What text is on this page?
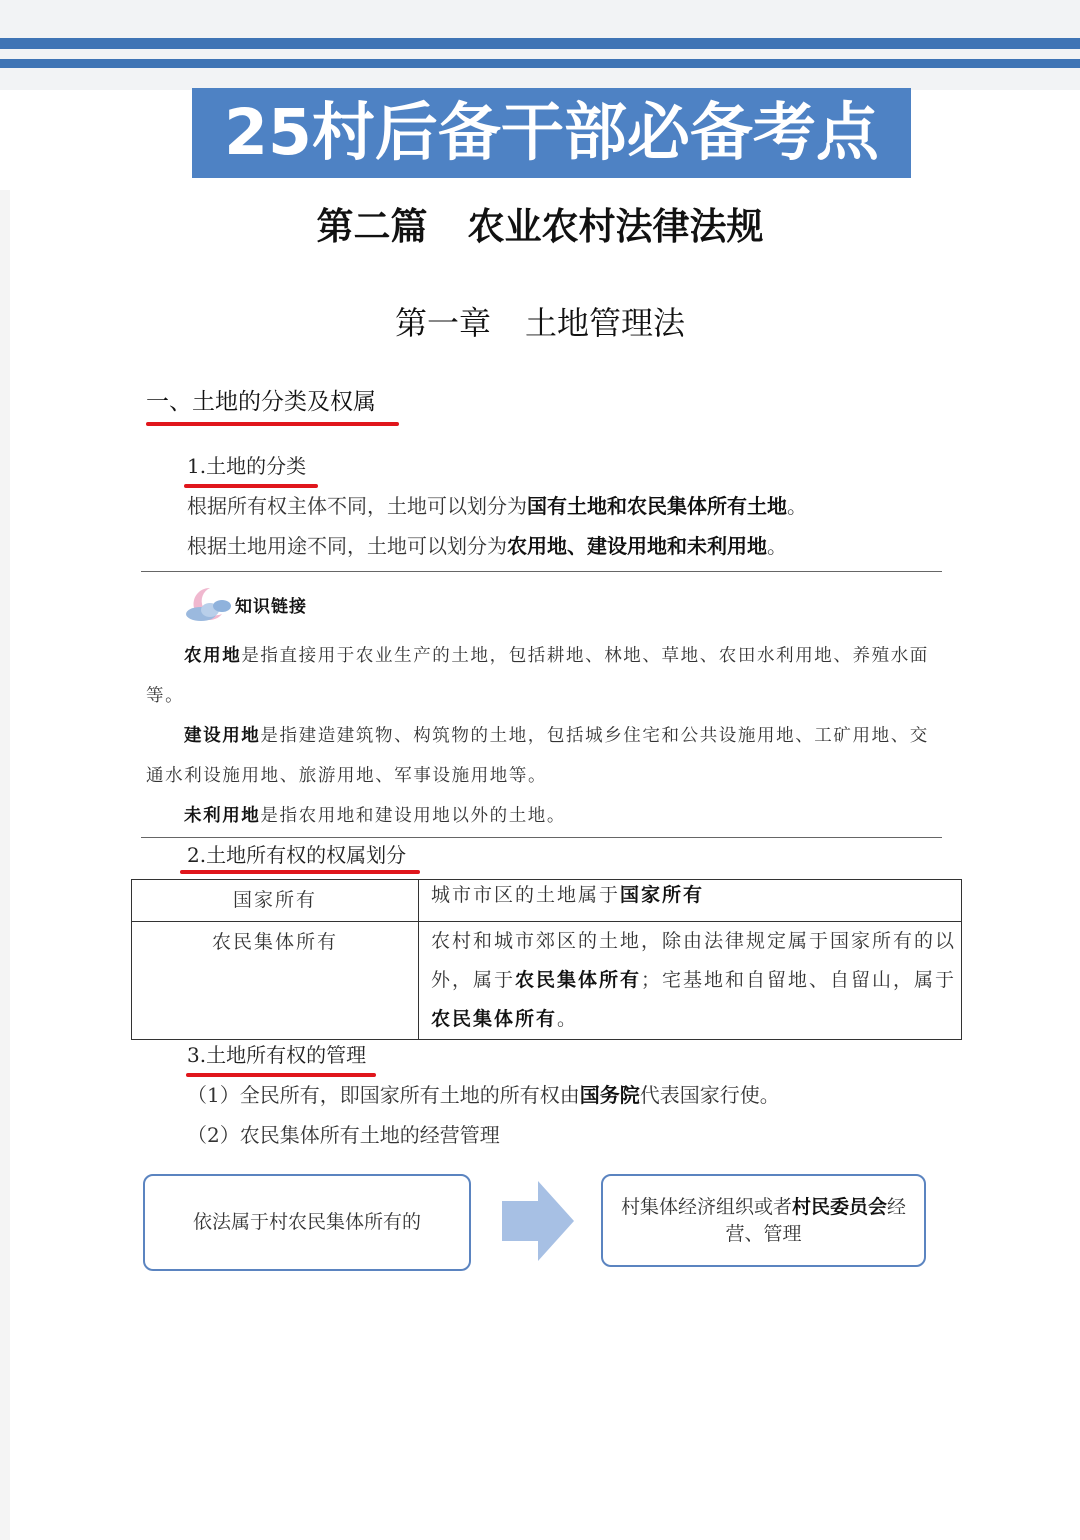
25村后备干部必备考点
第二篇 农业农村法律法规
第一章 土地管理法
一、土地的分类及权属
1.土地的分类
根据所有权主体不同，土地可以划分为国有土地和农民集体所有土地。
根据土地用途不同，土地可以划分为农用地、建设用地和未利用地。
知识链接
农用地是指直接用于农业生产的土地，包括耕地、林地、草地、农田水利用地、养殖水面等。
建设用地是指建造建筑物、构筑物的土地，包括城乡住宅和公共设施用地、工矿用地、交通水利设施用地、旅游用地、军事设施用地等。
未利用地是指农用地和建设用地以外的土地。
2.土地所有权的权属划分
国家所有	城市市区的土地属于国家所有
农民集体所有	农村和城市郊区的土地，除由法律规定属于国家所有的以外，属于农民集体所有；宅基地和自留地、自留山，属于农民集体所有。
3.土地所有权的管理
（1）全民所有，即国家所有土地的所有权由国务院代表国家行使。
（2）农民集体所有土地的经营管理
依法属于村农民集体所有的
村集体经济组织或者村民委员会经营、管理
